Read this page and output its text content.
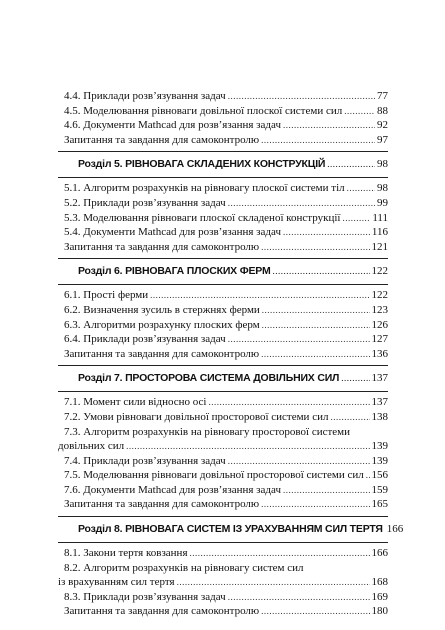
4.4. Приклади розв’язування задач .....	77
4.5. Моделювання рівноваги довільної плоскої системи сил .....	88
4.6. Документи Mathcad для розв’язання задач .....	92
Запитання та завдання для самоконтролю .....	97
Розділ 5. РІВНОВАГА СКЛАДЕНИХ КОНСТРУКЦІЙ .....	98
5.1. Алгоритм розрахунків на рівновагу плоскої системи тіл .....	98
5.2. Приклади розв’язування задач .....	99
5.3. Моделювання рівноваги плоскої складеної конструкції .....	111
5.4. Документи Mathcad для розв’язання задач .....	116
Запитання та завдання для самоконтролю .....	121
Розділ 6. РІВНОВАГА ПЛОСКИХ ФЕРМ .....	122
6.1. Прості ферми .....	122
6.2. Визначення зусиль в стержнях ферми .....	123
6.3. Алгоритми розрахунку плоских ферм .....	126
6.4. Приклади розв’язування задач .....	127
Запитання та завдання для самоконтролю .....	136
Розділ 7. ПРОСТОРОВА СИСТЕМА ДОВІЛЬНИХ СИЛ .....	137
7.1. Момент сили відносно осі .....	137
7.2. Умови рівноваги довільної просторової системи сил .....	138
7.3. Алгоритм розрахунків на рівновагу просторової системи
довільних сил .....	139
7.4. Приклади розв’язування задач .....	139
7.5. Моделювання рівноваги довільної просторової системи сил ..... 156
7.6. Документи Mathcad для розв’язання задач .....	159
Запитання та завдання для самоконтролю .....	165
Розділ 8. РІВНОВАГА СИСТЕМ ІЗ УРАХУВАННЯМ СИЛ ТЕРТЯ 166
8.1. Закони тертя ковзання .....	166
8.2. Алгоритм розрахунків на рівновагу систем сил
із врахуванням сил тертя .....	168
8.3. Приклади розв’язування задач .....	169
Запитання та завдання для самоконтролю .....	180
